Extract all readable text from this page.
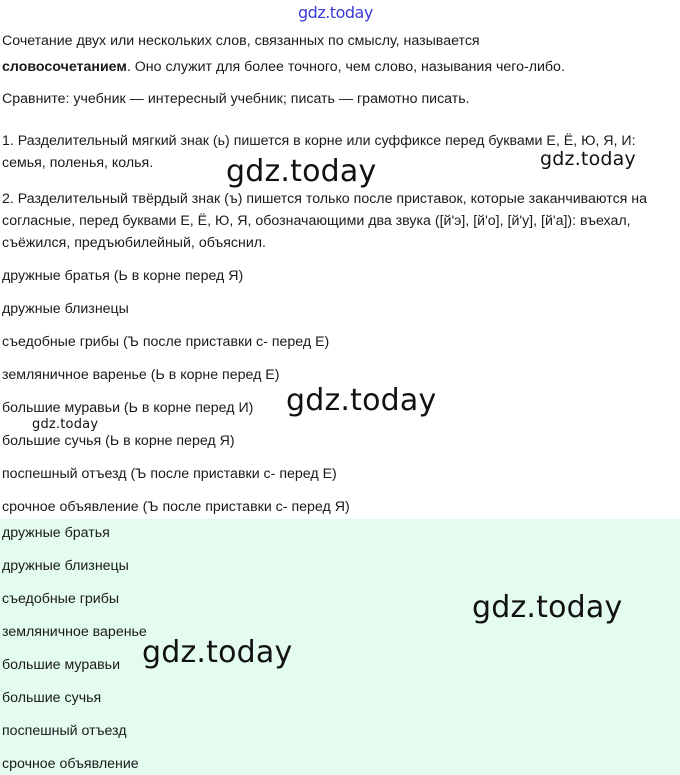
gdz.today
Сочетание двух или нескольких слов, связанных по смыслу, называется
словосочетанием. Оно служит для более точного, чем слово, называния чего-либо.
Сравните: учебник — интересный учебник; писать — грамотно писать.
1. Разделительный мягкий знак (ь) пишется в корне или суффиксе перед буквами Е, Ё, Ю, Я, И: семья, поленья, колья.
2. Разделительный твёрдый знак (ъ) пишется только после приставок, которые заканчиваются на согласные, перед буквами Е, Ё, Ю, Я, обозначающими два звука ([й'э], [й'о], [й'у], [й'а]): въехал, съёжился, предъюбилейный, объяснил.
дружные братья (Ь в корне перед Я)
дружные близнецы
съедобные грибы (Ъ после приставки с- перед Е)
земляничное варенье (Ь в корне перед Е)
большие муравьи (Ь в корне перед И)
большие сучья (Ь в корне перед Я)
поспешный отъезд (Ъ после приставки с- перед Е)
срочное объявление (Ъ после приставки с- перед Я)
дружные братья
дружные близнецы
съедобные грибы
земляничное варенье
большие муравьи
большие сучья
поспешный отъезд
срочное объявление
gdz.today	gdz.today
gdz.today
gdz.today
gdz.today
gdz.today
